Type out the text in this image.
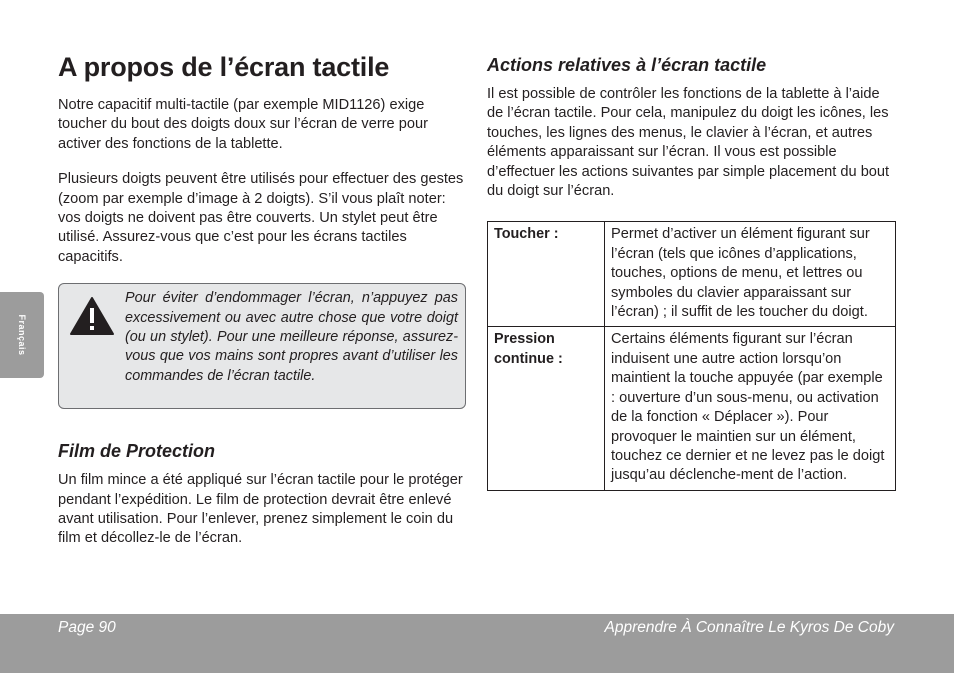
Français
A propos de l’écran tactile

Notre capacitif multi-tactile (par exemple MID1126) exige toucher du bout des doigts doux sur l’écran de verre pour activer des fonctions de la tablette.

Plusieurs doigts peuvent être utilisés pour effectuer des gestes (zoom par exemple d’image à 2 doigts). S’il vous plaît noter: vos doigts ne doivent pas être couverts. Un stylet peut être utilisé. Assurez-vous que c’est pour les écrans tactiles capacitifs.

Pour éviter d’endommager l’écran, n’appuyez pas excessivement ou avec autre chose que votre doigt (ou un stylet). Pour une meilleure réponse, assurez-vous que vos mains sont propres avant d’utiliser les commandes de l’écran tactile.
Film de Protection

Un film mince a été appliqué sur l’écran tactile pour le protéger pendant l’expédition. Le film de protection devrait être enlevé avant utilisation. Pour l’enlever, prenez simplement le coin du film et décollez-le de l’écran.

Actions relatives à l’écran tactile

Il est possible de contrôler les fonctions de la tablette à l’aide de l’écran tactile. Pour cela, manipulez du doigt les icônes, les touches, les lignes des menus, le clavier à l’écran, et autres éléments apparaissant sur l’écran. Il vous est possible d’effectuer les actions suivantes par simple placement du bout du doigt sur l’écran.

Toucher :	Permet d’activer un élément figurant sur l’écran (tels que icônes d’applications, touches, options de menu, et lettres ou symboles du clavier apparaissant sur l’écran) ; il suffit de les toucher du doigt.
Pression continue :	Certains éléments figurant sur l’écran induisent une autre action lorsqu’on maintient la touche appuyée (par exemple : ouverture d’un sous-menu, ou activation de la fonction « Déplacer »). Pour provoquer le maintien sur un élément, touchez ce dernier et ne levez pas le doigt jusqu’au déclenche-ment de l’action.
Page 90	Apprendre À Connaître Le Kyros De Coby
